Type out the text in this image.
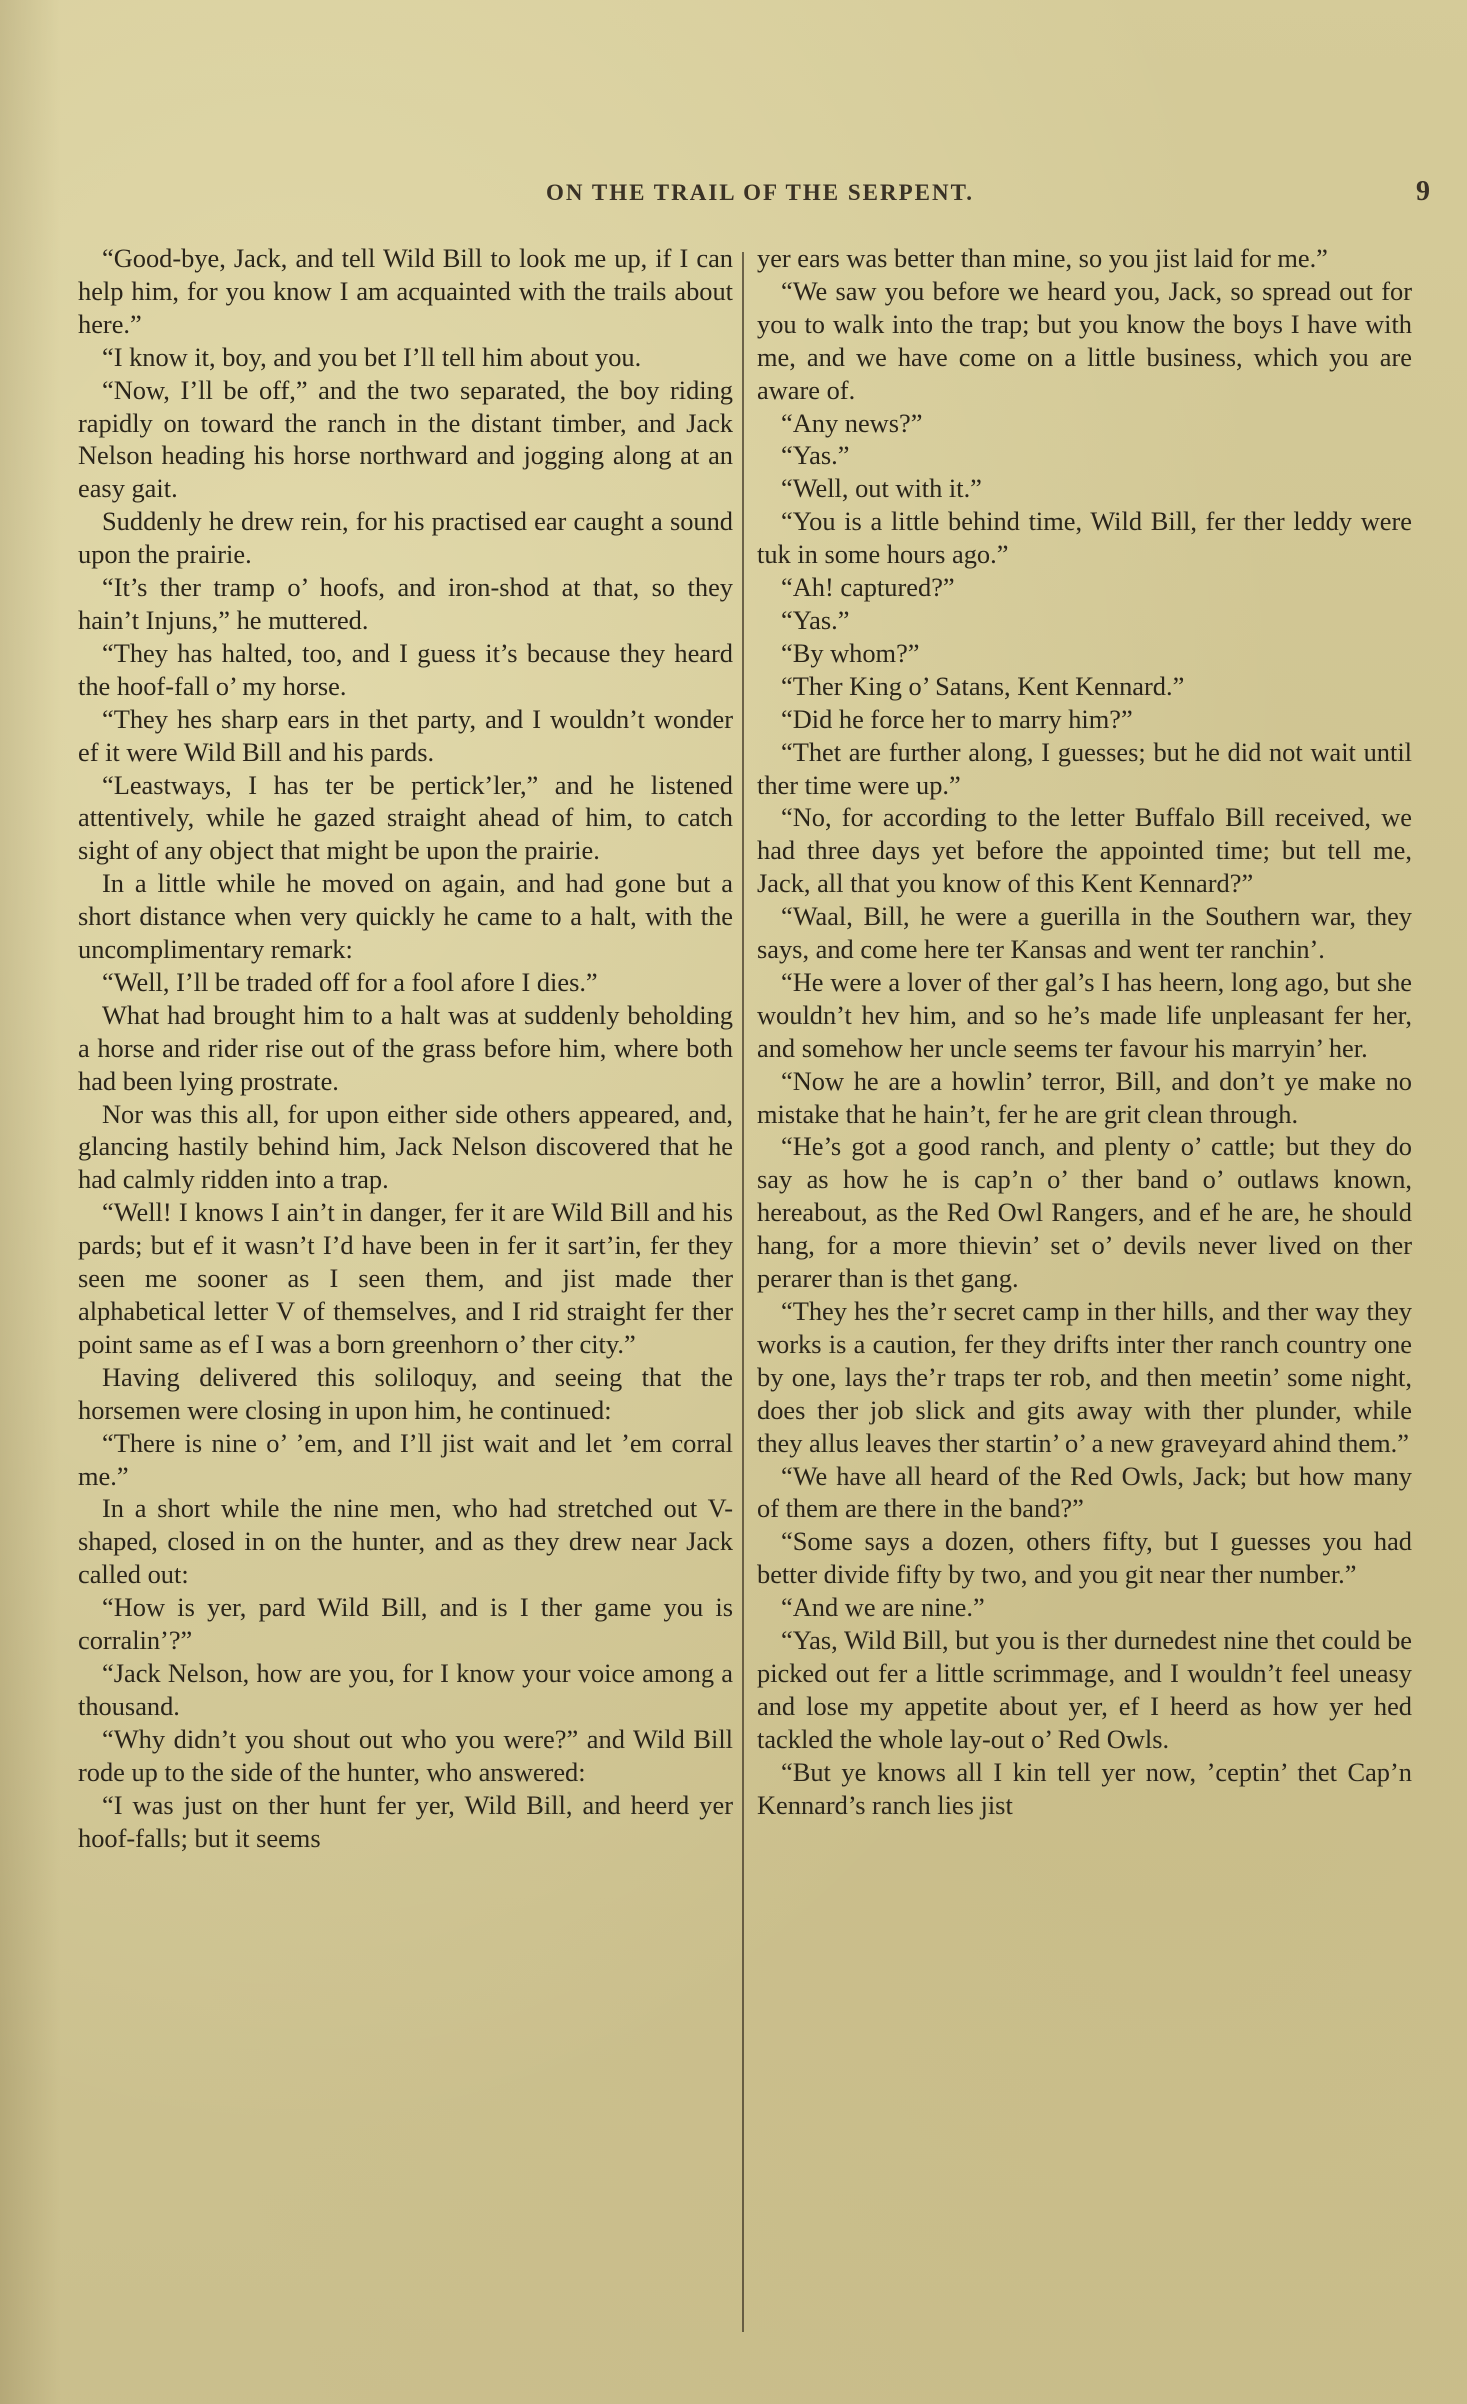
ON THE TRAIL OF THE SERPENT.	9

“Good-bye, Jack, and tell Wild Bill to look me up, if I can help him, for you know I am acquainted with the trails about here.”

“I know it, boy, and you bet I’ll tell him about you.

“Now, I’ll be off,” and the two separated, the boy riding rapidly on toward the ranch in the distant timber, and Jack Nelson heading his horse northward and jogging along at an easy gait.

Suddenly he drew rein, for his practised ear caught a sound upon the prairie.

“It’s ther tramp o’ hoofs, and iron-shod at that, so they hain’t Injuns,” he muttered.

“They has halted, too, and I guess it’s because they heard the hoof-fall o’ my horse.

“They hes sharp ears in thet party, and I wouldn’t wonder ef it were Wild Bill and his pards.

“Leastways, I has ter be pertick’ler,” and he listened attentively, while he gazed straight ahead of him, to catch sight of any object that might be upon the prairie.

In a little while he moved on again, and had gone but a short distance when very quickly he came to a halt, with the uncomplimentary remark:

“Well, I’ll be traded off for a fool afore I dies.”

What had brought him to a halt was at suddenly beholding a horse and rider rise out of the grass before him, where both had been lying prostrate.

Nor was this all, for upon either side others appeared, and, glancing hastily behind him, Jack Nelson discovered that he had calmly ridden into a trap.

“Well! I knows I ain’t in danger, fer it are Wild Bill and his pards; but ef it wasn’t I’d have been in fer it sart’in, fer they seen me sooner as I seen them, and jist made ther alphabetical letter V of themselves, and I rid straight fer ther point same as ef I was a born greenhorn o’ ther city.”

Having delivered this soliloquy, and seeing that the horsemen were closing in upon him, he continued:

“There is nine o’ ’em, and I’ll jist wait and let ’em corral me.”

In a short while the nine men, who had stretched out V-shaped, closed in on the hunter, and as they drew near Jack called out:

“How is yer, pard Wild Bill, and is I ther game you is corralin’?”

“Jack Nelson, how are you, for I know your voice among a thousand.

“Why didn’t you shout out who you were?” and Wild Bill rode up to the side of the hunter, who answered:

“I was just on ther hunt fer yer, Wild Bill, and heerd yer hoof-falls; but it seems

yer ears was better than mine, so you jist laid for me.”

“We saw you before we heard you, Jack, so spread out for you to walk into the trap; but you know the boys I have with me, and we have come on a little business, which you are aware of.

“Any news?”

“Yas.”

“Well, out with it.”

“You is a little behind time, Wild Bill, fer ther leddy were tuk in some hours ago.”

“Ah! captured?”

“Yas.”

“By whom?”

“Ther King o’ Satans, Kent Kennard.”

“Did he force her to marry him?”

“Thet are further along, I guesses; but he did not wait until ther time were up.”

“No, for according to the letter Buffalo Bill received, we had three days yet before the appointed time; but tell me, Jack, all that you know of this Kent Kennard?”

“Waal, Bill, he were a guerilla in the Southern war, they says, and come here ter Kansas and went ter ranchin’.

“He were a lover of ther gal’s I has heern, long ago, but she wouldn’t hev him, and so he’s made life unpleasant fer her, and somehow her uncle seems ter favour his marryin’ her.

“Now he are a howlin’ terror, Bill, and don’t ye make no mistake that he hain’t, fer he are grit clean through.

“He’s got a good ranch, and plenty o’ cattle; but they do say as how he is cap’n o’ ther band o’ outlaws known, hereabout, as the Red Owl Rangers, and ef he are, he should hang, for a more thievin’ set o’ devils never lived on ther perarer than is thet gang.

“They hes the’r secret camp in ther hills, and ther way they works is a caution, fer they drifts inter ther ranch country one by one, lays the’r traps ter rob, and then meetin’ some night, does ther job slick and gits away with ther plunder, while they allus leaves ther startin’ o’ a new graveyard ahind them.”

“We have all heard of the Red Owls, Jack; but how many of them are there in the band?”

“Some says a dozen, others fifty, but I guesses you had better divide fifty by two, and you git near ther number.”

“And we are nine.”

“Yas, Wild Bill, but you is ther durnedest nine thet could be picked out fer a little scrimmage, and I wouldn’t feel uneasy and lose my appetite about yer, ef I heerd as how yer hed tackled the whole lay-out o’ Red Owls.

“But ye knows all I kin tell yer now, ’ceptin’ thet Cap’n Kennard’s ranch lies jist
